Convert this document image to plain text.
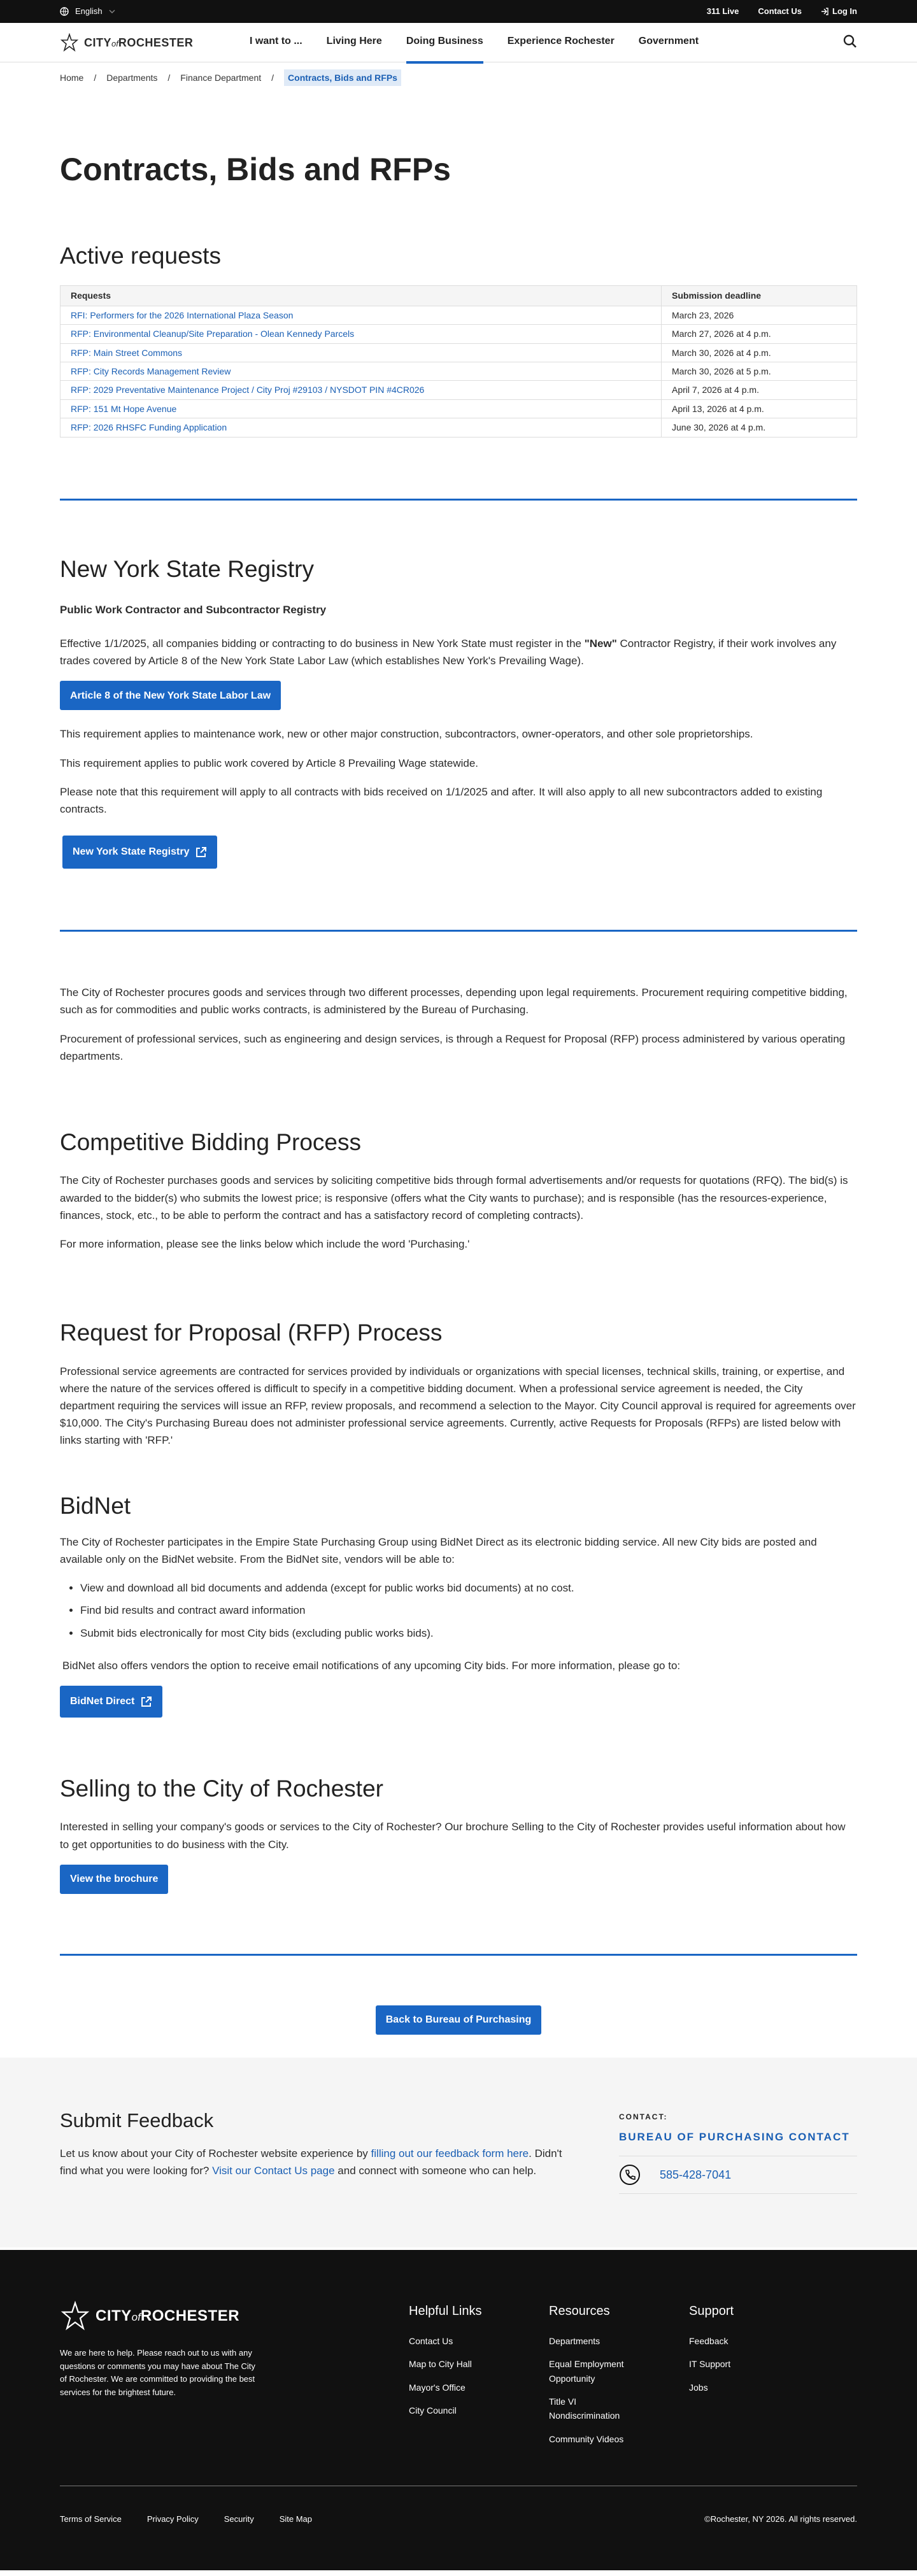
English	311 Live Contact Us	Log In
CITYofROCHESTER	I want to ... Living Here Doing Business Experience Rochester Government
Home / Departments / Finance Department /	Contracts, Bids and RFPs
Contracts, Bids and RFPs
Active requests
Requests	Submission deadline
RFI: Performers for the 2026 International Plaza Season	March 23, 2026
RFP: Environmental Cleanup/Site Preparation - Olean Kennedy Parcels	March 27, 2026 at 4 p.m.
RFP: Main Street Commons	March 30, 2026 at 4 p.m.
RFP: City Records Management Review	March 30, 2026 at 5 p.m.
RFP: 2029 Preventative Maintenance Project / City Proj #29103 / NYSDOT PIN #4CR026	April 7, 2026 at 4 p.m.
RFP: 151 Mt Hope Avenue	April 13, 2026 at 4 p.m.
RFP: 2026 RHSFC Funding Application	June 30, 2026 at 4 p.m.
New York State Registry

Public Work Contractor and Subcontractor Registry

Effective 1/1/2025, all companies bidding or contracting to do business in New York State must register in the "New" Contractor Registry, if their work involves any trades covered by Article 8 of the New York State Labor Law (which establishes New York's Prevailing Wage).

Article 8 of the New York State Labor Law

This requirement applies to maintenance work, new or other major construction, subcontractors, owner-operators, and other sole proprietorships.

This requirement applies to public work covered by Article 8 Prevailing Wage statewide.

Please note that this requirement will apply to all contracts with bids received on 1/1/2025 and after. It will also apply to all new subcontractors added to existing contracts.

New York State Registry

The City of Rochester procures goods and services through two different processes, depending upon legal requirements. Procurement requiring competitive bidding, such as for commodities and public works contracts, is administered by the Bureau of Purchasing.

Procurement of professional services, such as engineering and design services, is through a Request for Proposal (RFP) process administered by various operating departments.

Competitive Bidding Process

The City of Rochester purchases goods and services by soliciting competitive bids through formal advertisements and/or requests for quotations (RFQ). The bid(s) is awarded to the bidder(s) who submits the lowest price; is responsive (offers what the City wants to purchase); and is responsible (has the resources-experience, finances, stock, etc., to be able to perform the contract and has a satisfactory record of completing contracts).

For more information, please see the links below which include the word 'Purchasing.'

Request for Proposal (RFP) Process

Professional service agreements are contracted for services provided by individuals or organizations with special licenses, technical skills, training, or expertise, and where the nature of the services offered is difficult to specify in a competitive bidding document. When a professional service agreement is needed, the City department requiring the services will issue an RFP, review proposals, and recommend a selection to the Mayor. City Council approval is required for agreements over $10,000. The City's Purchasing Bureau does not administer professional service agreements. Currently, active Requests for Proposals (RFPs) are listed below with links starting with 'RFP.'

BidNet

The City of Rochester participates in the Empire State Purchasing Group using BidNet Direct as its electronic bidding service. All new City bids are posted and available only on the BidNet website. From the BidNet site, vendors will be able to:

• View and download all bid documents and addenda (except for public works bid documents) at no cost.
• Find bid results and contract award information
• Submit bids electronically for most City bids (excluding public works bids).

BidNet also offers vendors the option to receive email notifications of any upcoming City bids. For more information, please go to:

BidNet Direct
Selling to the City of Rochester

Interested in selling your company's goods or services to the City of Rochester? Our brochure Selling to the City of Rochester provides useful information about how to get opportunities to do business with the City.

View the brochure
Back to Bureau of Purchasing
Submit Feedback

Let us know about your City of Rochester website experience by filling out our feedback form here. Didn't find what you were looking for? Visit our Contact Us page and connect with someone who can help.

CONTACT:
BUREAU OF PURCHASING CONTACT
585-428-7041
CITYofROCHESTER

We are here to help. Please reach out to us with any questions or comments you may have about The City of Rochester. We are committed to providing the best services for the brightest future.

Helpful Links
Contact Us
Map to City Hall
Mayor's Office
City Council
Resources
Departments
Equal Employment Opportunity
Title VI Nondiscrimination
Community Videos
Support
Feedback
IT Support
Jobs
Terms of Service	Privacy Policy	Security	Site Map	©Rochester, NY 2026. All rights reserved.
